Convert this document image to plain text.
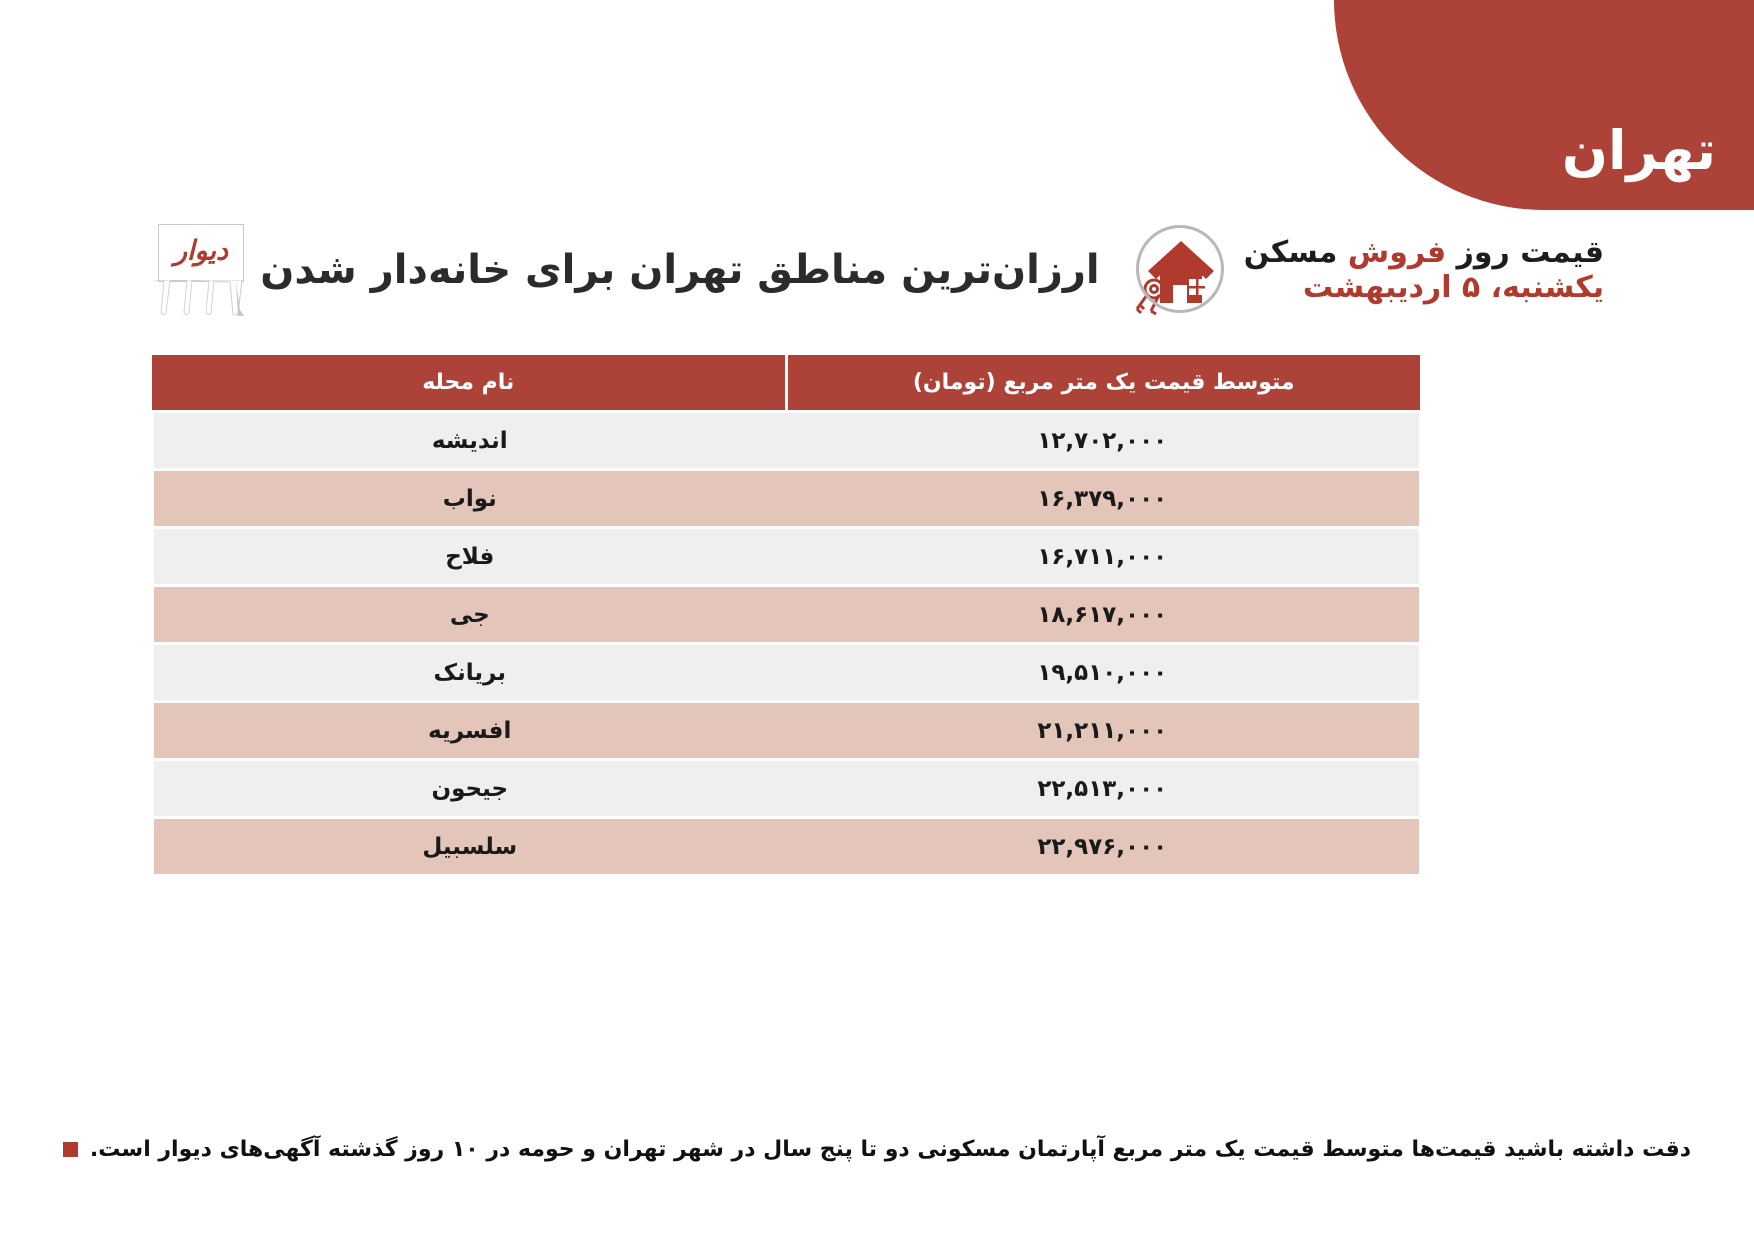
تهران
دیوار ارزان‌ترین مناطق تهران برای خانه‌دار شدن	قیمت روز فروش مسکن
یکشنبه، ۵ اردیبهشت
نام محله	متوسط قیمت یک متر مربع (تومان)
اندیشه	۱۲,۷۰۲,۰۰۰
نواب	۱۶,۳۷۹,۰۰۰
فلاح	۱۶,۷۱۱,۰۰۰
جی	۱۸,۶۱۷,۰۰۰
بریانک	۱۹,۵۱۰,۰۰۰
افسریه	۲۱,۲۱۱,۰۰۰
جیحون	۲۲,۵۱۳,۰۰۰
سلسبیل	۲۲,۹۷۶,۰۰۰
دقت داشته باشید قیمت‌ها متوسط قیمت یک متر مربع آپارتمان مسکونی دو تا پنج سال در شهر تهران و حومه در ۱۰ روز گذشته آگهی‌های دیوار است.
